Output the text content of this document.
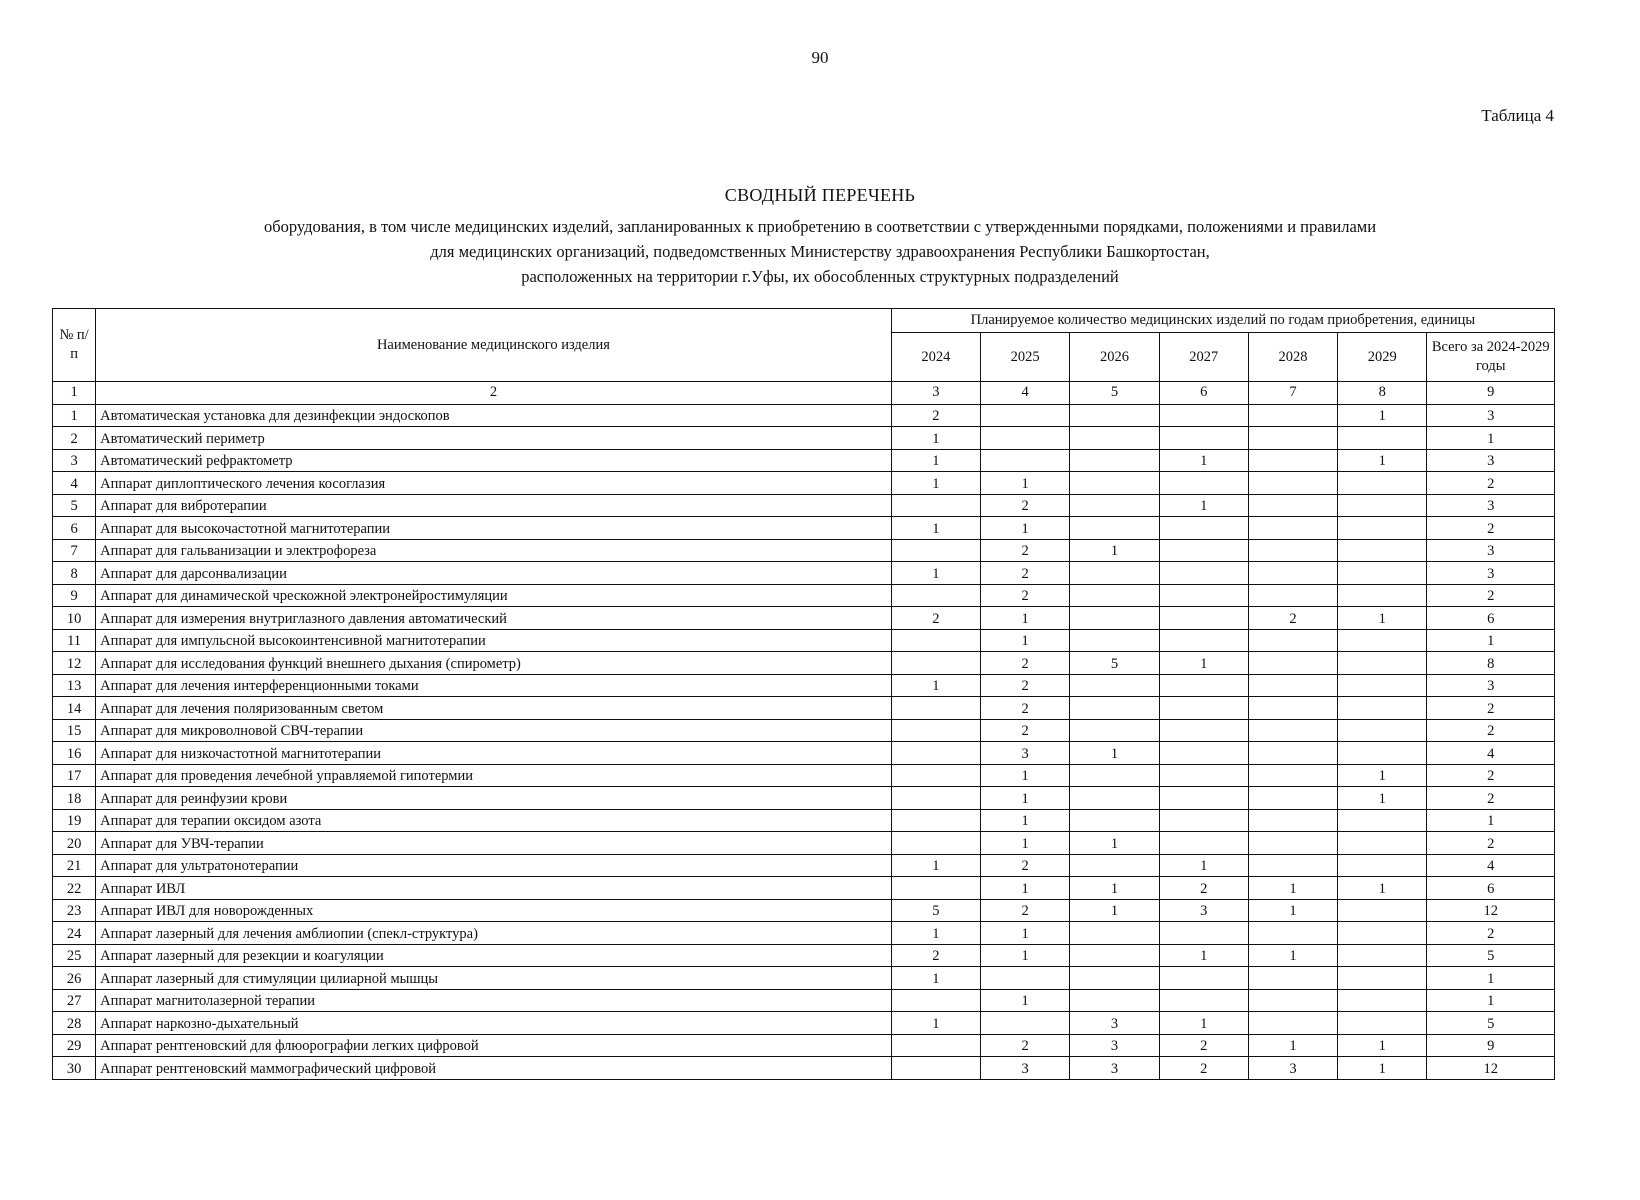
90
Таблица 4
СВОДНЫЙ ПЕРЕЧЕНЬ
оборудования, в том числе медицинских изделий, запланированных к приобретению в соответствии с утвержденными порядками, положениями и правилами
для медицинских организаций, подведомственных Министерству здравоохранения Республики Башкортостан,
расположенных на территории г.Уфы, их обособленных структурных подразделений
№ п/п	Наименование медицинского изделия	Планируемое количество медицинских изделий по годам приобретения, единицы						
		2024	2025	2026	2027	2028	2029	Всего за 2024-2029 годы
1	2	3	4	5	6	7	8	9
1	Автоматическая установка для дезинфекции эндоскопов	2					1	3
2	Автоматический периметр	1						1
3	Автоматический рефрактометр	1			1		1	3
4	Аппарат диплоптического лечения косоглазия	1	1					2
5	Аппарат для вибротерапии		2		1			3
6	Аппарат для высокочастотной магнитотерапии	1	1					2
7	Аппарат для гальванизации и электрофореза		2	1				3
8	Аппарат для дарсонвализации	1	2					3
9	Аппарат для динамической чрескожной электронейростимуляции		2					2
10	Аппарат для измерения внутриглазного давления автоматический	2	1			2	1	6
11	Аппарат для импульсной высокоинтенсивной магнитотерапии		1					1
12	Аппарат для исследования функций внешнего дыхания (спирометр)		2	5	1			8
13	Аппарат для лечения интерференционными токами	1	2					3
14	Аппарат для лечения поляризованным светом		2					2
15	Аппарат для микроволновой СВЧ-терапии		2					2
16	Аппарат для низкочастотной магнитотерапии		3	1				4
17	Аппарат для проведения лечебной управляемой гипотермии		1				1	2
18	Аппарат для реинфузии крови		1				1	2
19	Аппарат для терапии оксидом азота		1					1
20	Аппарат для УВЧ-терапии		1	1				2
21	Аппарат для ультратонотерапии	1	2		1			4
22	Аппарат ИВЛ		1	1	2	1	1	6
23	Аппарат ИВЛ для новорожденных	5	2	1	3	1		12
24	Аппарат лазерный для лечения амблиопии (спекл-структура)	1	1					2
25	Аппарат лазерный для резекции и коагуляции	2	1		1	1		5
26	Аппарат лазерный для стимуляции цилиарной мышцы	1						1
27	Аппарат магнитолазерной терапии		1					1
28	Аппарат наркозно-дыхательный	1		3	1			5
29	Аппарат рентгеновский для флюорографии легких цифровой		2	3	2	1	1	9
30	Аппарат рентгеновский маммографический цифровой		3	3	2	3	1	12
